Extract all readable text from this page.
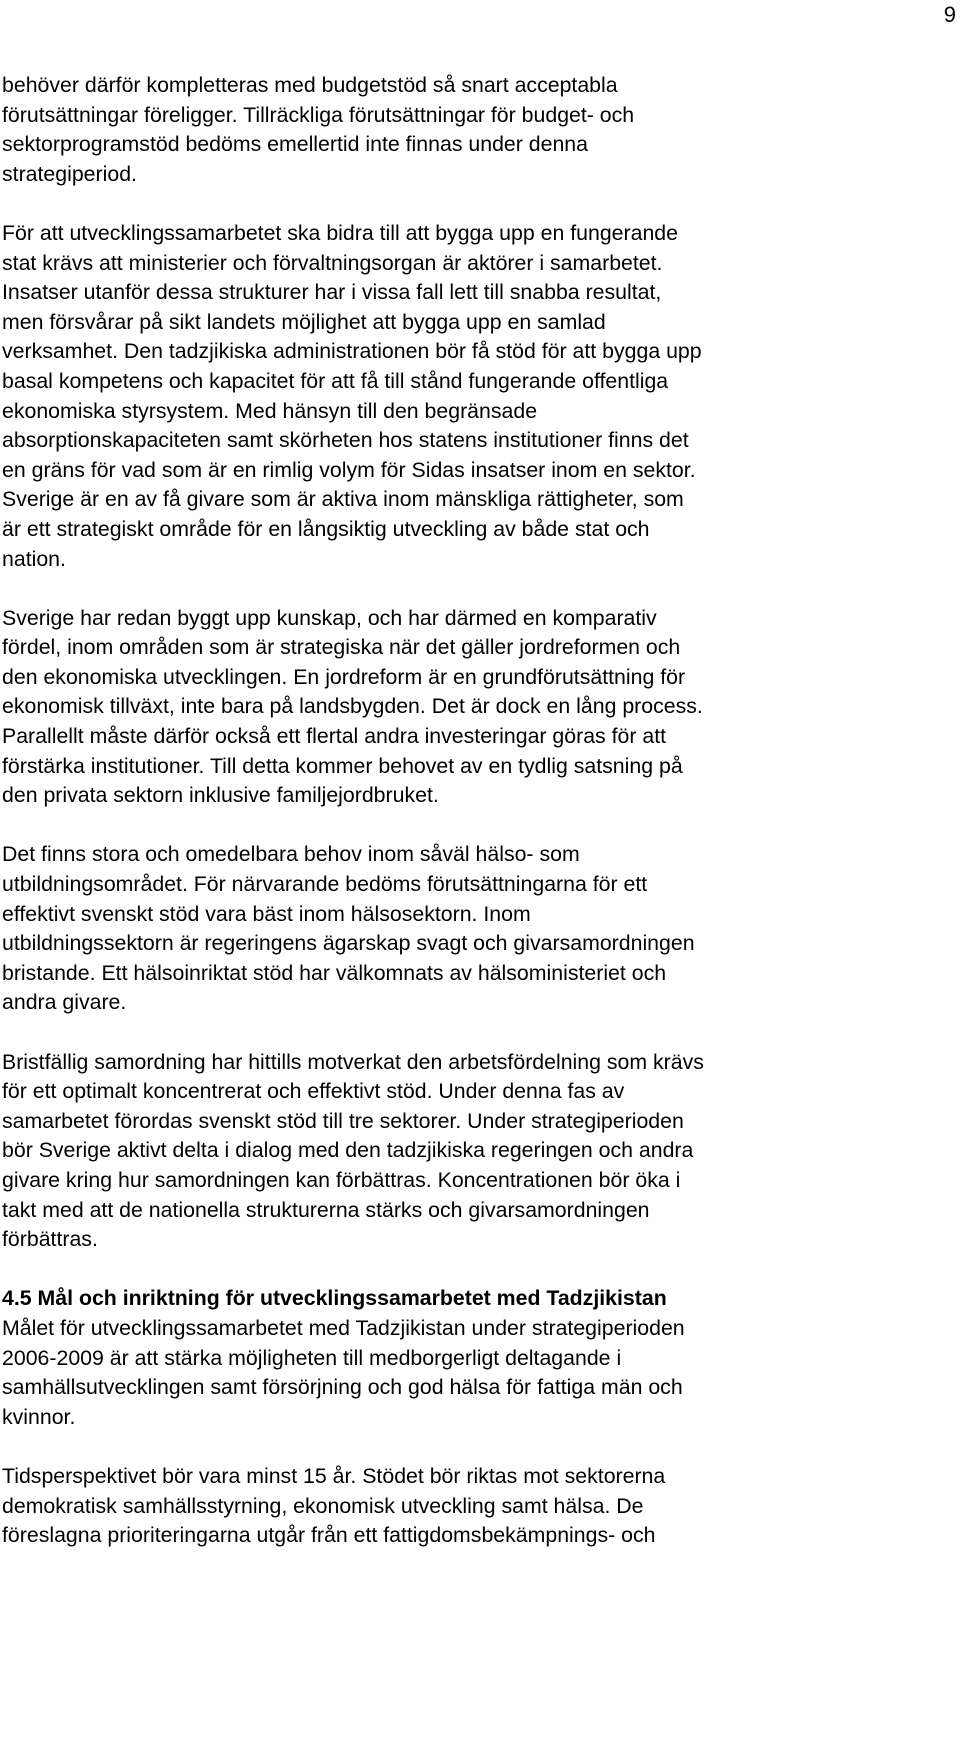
9

behöver därför kompletteras med budgetstöd så snart acceptabla
förutsättningar föreligger. Tillräckliga förutsättningar för budget- och
sektorprogramstöd bedöms emellertid inte finnas under denna
strategiperiod.

För att utvecklingssamarbetet ska bidra till att bygga upp en fungerande
stat krävs att ministerier och förvaltningsorgan är aktörer i samarbetet.
Insatser utanför dessa strukturer har i vissa fall lett till snabba resultat,
men försvårar på sikt landets möjlighet att bygga upp en samlad
verksamhet. Den tadzjikiska administrationen bör få stöd för att bygga upp
basal kompetens och kapacitet för att få till stånd fungerande offentliga
ekonomiska styrsystem. Med hänsyn till den begränsade
absorptionskapaciteten samt skörheten hos statens institutioner finns det
en gräns för vad som är en rimlig volym för Sidas insatser inom en sektor.
Sverige är en av få givare som är aktiva inom mänskliga rättigheter, som
är ett strategiskt område för en långsiktig utveckling av både stat och
nation.

Sverige har redan byggt upp kunskap, och har därmed en komparativ
fördel, inom områden som är strategiska när det gäller jordreformen och
den ekonomiska utvecklingen. En jordreform är en grundförutsättning för
ekonomisk tillväxt, inte bara på landsbygden. Det är dock en lång process.
Parallellt måste därför också ett flertal andra investeringar göras för att
förstärka institutioner. Till detta kommer behovet av en tydlig satsning på
den privata sektorn inklusive familjejordbruket.

Det finns stora och omedelbara behov inom såväl hälso- som
utbildningsområdet. För närvarande bedöms förutsättningarna för ett
effektivt svenskt stöd vara bäst inom hälsosektorn. Inom
utbildningssektorn är regeringens ägarskap svagt och givarsamordningen
bristande. Ett hälsoinriktat stöd har välkomnats av hälsoministeriet och
andra givare.

Bristfällig samordning har hittills motverkat den arbetsfördelning som krävs
för ett optimalt koncentrerat och effektivt stöd. Under denna fas av
samarbetet förordas svenskt stöd till tre sektorer. Under strategiperioden
bör Sverige aktivt delta i dialog med den tadzjikiska regeringen och andra
givare kring hur samordningen kan förbättras. Koncentrationen bör öka i
takt med att de nationella strukturerna stärks och givarsamordningen
förbättras.

4.5 Mål och inriktning för utvecklingssamarbetet med Tadzjikistan
Målet för utvecklingssamarbetet med Tadzjikistan under strategiperioden
2006-2009 är att stärka möjligheten till medborgerligt deltagande i
samhällsutvecklingen samt försörjning och god hälsa för fattiga män och
kvinnor.

Tidsperspektivet bör vara minst 15 år. Stödet bör riktas mot sektorerna
demokratisk samhällsstyrning, ekonomisk utveckling samt hälsa. De
föreslagna prioriteringarna utgår från ett fattigdomsbekämpnings- och
